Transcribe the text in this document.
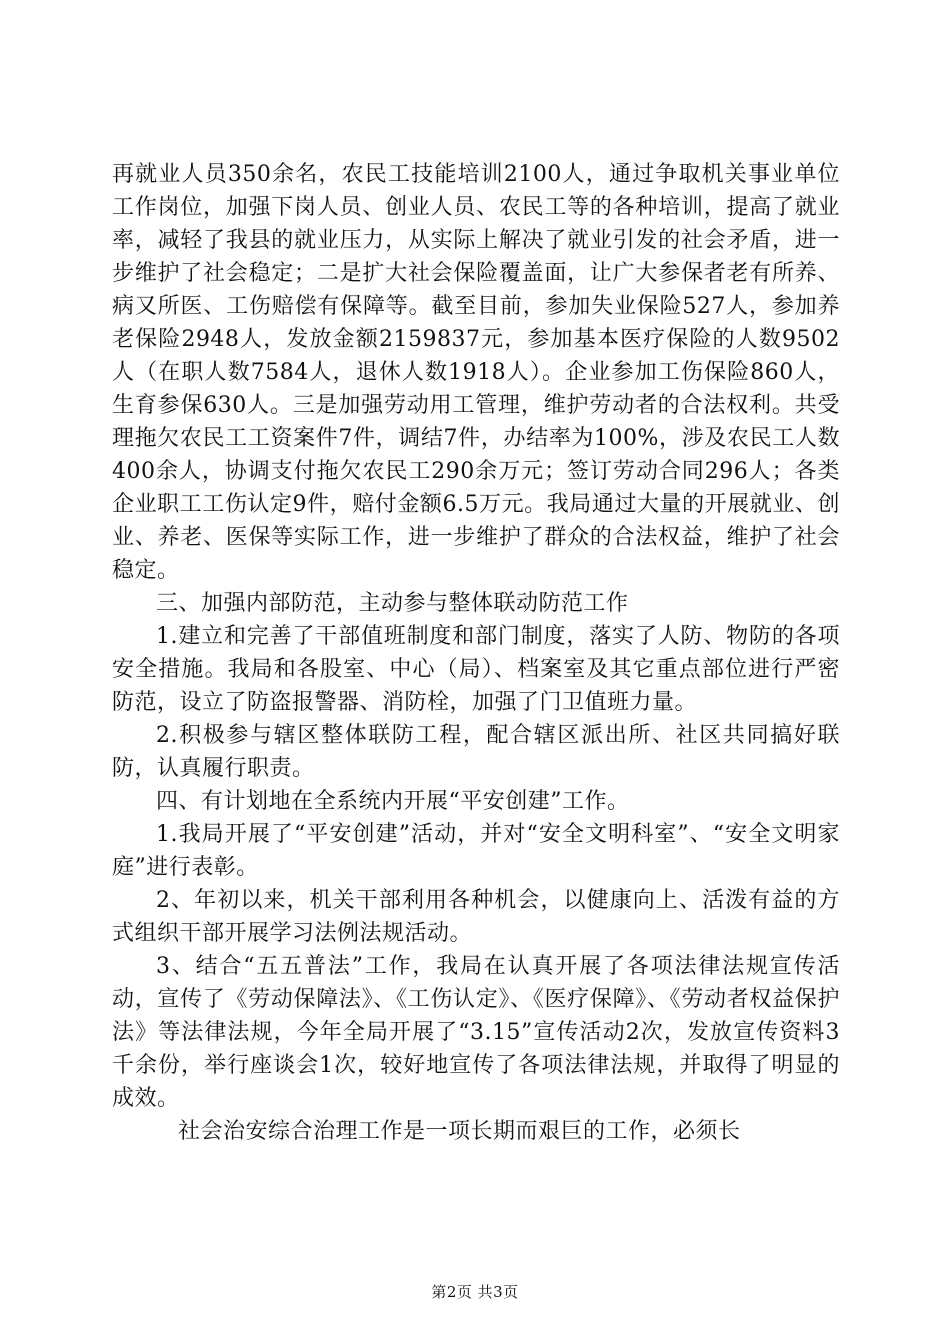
再就业人员350余名，农民工技能培训2100人，通过争取机关事业单位工作岗位，加强下岗人员、创业人员、农民工等的各种培训，提高了就业率，减轻了我县的就业压力，从实际上解决了就业引发的社会矛盾，进一步维护了社会稳定；二是扩大社会保险覆盖面，让广大参保者老有所养、病又所医、工伤赔偿有保障等。截至目前，参加失业保险527人，参加养老保险2948人，发放金额2159837元，参加基本医疗保险的人数9502人（在职人数7584人，退休人数1918人）。企业参加工伤保险860人，生育参保630人。三是加强劳动用工管理，维护劳动者的合法权利。共受理拖欠农民工工资案件7件，调结7件，办结率为100%，涉及农民工人数400余人，协调支付拖欠农民工290余万元；签订劳动合同296人；各类企业职工工伤认定9件，赔付金额6.5万元。我局通过大量的开展就业、创业、养老、医保等实际工作，进一步维护了群众的合法权益，维护了社会稳定。

三、加强内部防范，主动参与整体联动防范工作

1.建立和完善了干部值班制度和部门制度，落实了人防、物防的各项安全措施。我局和各股室、中心（局）、档案室及其它重点部位进行严密防范，设立了防盗报警器、消防栓，加强了门卫值班力量。

2.积极参与辖区整体联防工程，配合辖区派出所、社区共同搞好联防，认真履行职责。

四、有计划地在全系统内开展“平安创建”工作。

1.我局开展了“平安创建”活动，并对“安全文明科室”、“安全文明家庭”进行表彰。

2、年初以来，机关干部利用各种机会，以健康向上、活泼有益的方式组织干部开展学习法例法规活动。

3、结合“五五普法”工作，我局在认真开展了各项法律法规宣传活动，宣传了《劳动保障法》、《工伤认定》、《医疗保障》、《劳动者权益保护法》等法律法规，今年全局开展了“3.15”宣传活动2次，发放宣传资料3千余份，举行座谈会1次，较好地宣传了各项法律法规，并取得了明显的成效。

社会治安综合治理工作是一项长期而艰巨的工作，必须长

第2页 共3页
